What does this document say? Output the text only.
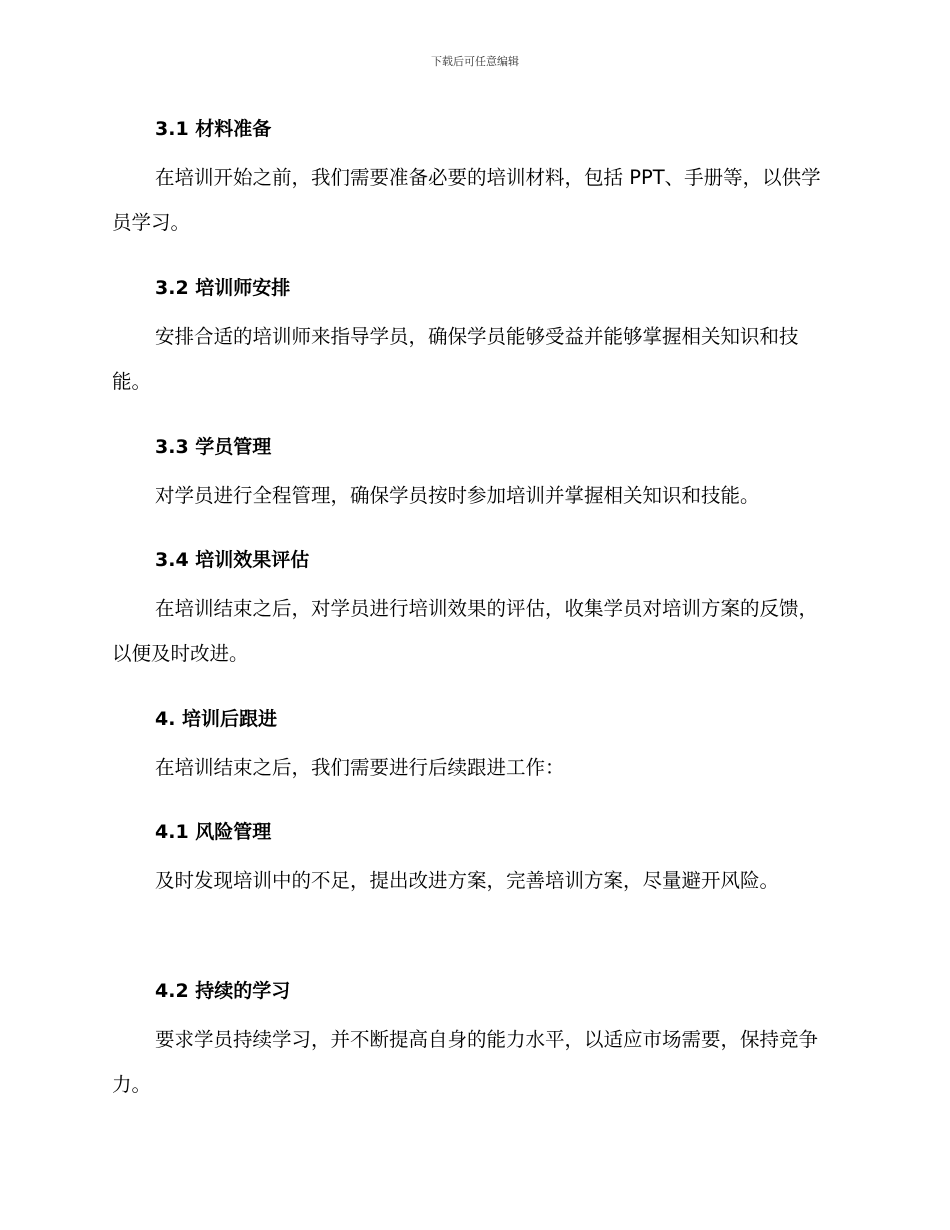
下载后可任意编辑
3.1 材料准备

在培训开始之前，我们需要准备必要的培训材料，包括 PPT、手册等，以供学员学习。

3.2 培训师安排

安排合适的培训师来指导学员，确保学员能够受益并能够掌握相关知识和技能。

3.3 学员管理

对学员进行全程管理，确保学员按时参加培训并掌握相关知识和技能。

3.4 培训效果评估

在培训结束之后，对学员进行培训效果的评估，收集学员对培训方案的反馈，以便及时改进。

4. 培训后跟进

在培训结束之后，我们需要进行后续跟进工作：

4.1 风险管理

及时发现培训中的不足，提出改进方案，完善培训方案，尽量避开风险。

4.2 持续的学习

要求学员持续学习，并不断提高自身的能力水平，以适应市场需要，保持竞争力。
